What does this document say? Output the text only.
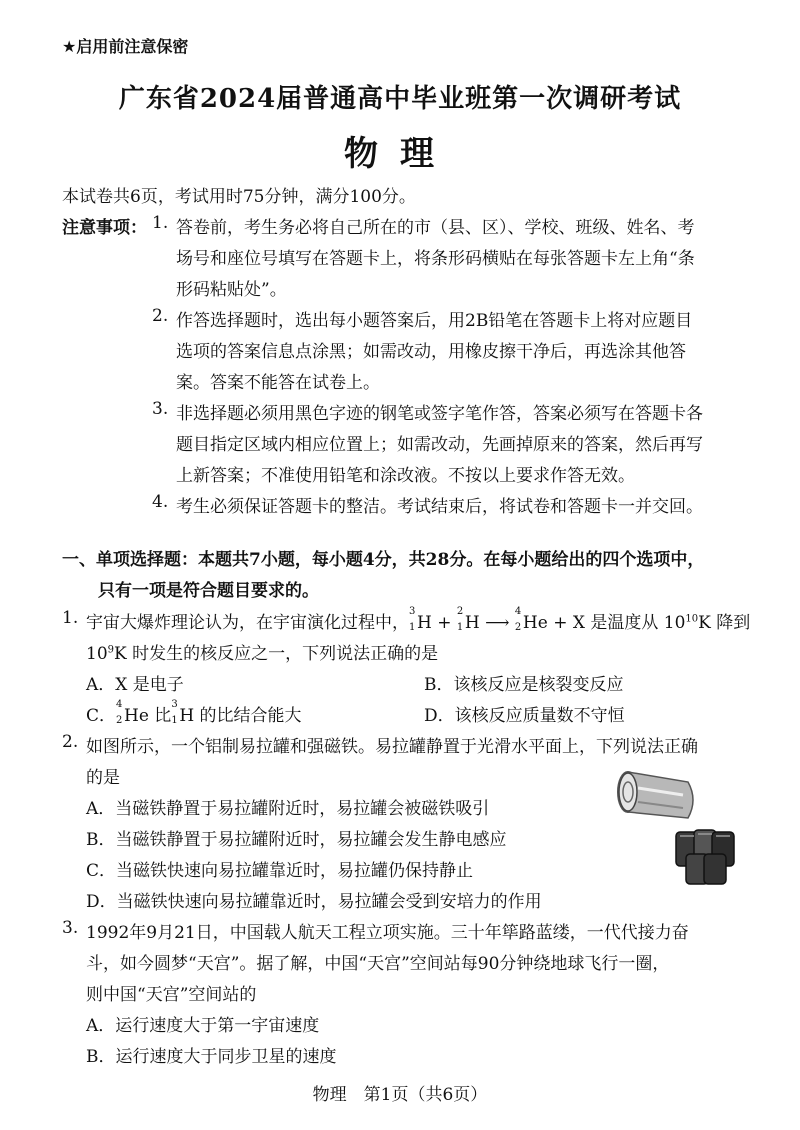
★启用前注意保密
广东省2024届普通高中毕业班第一次调研考试
物理
本试卷共6页，考试用时75分钟，满分100分。
注意事项： 1. 答卷前，考生务必将自己所在的市（县、区）、学校、班级、姓名、考
场号和座位号填写在答题卡上，将条形码横贴在每张答题卡左上角“条
形码粘贴处”。
2. 作答选择题时，选出每小题答案后，用2B铅笔在答题卡上将对应题目
选项的答案信息点涂黑；如需改动，用橡皮擦干净后，再选涂其他答
案。答案不能答在试卷上。
3. 非选择题必须用黑色字迹的钢笔或签字笔作答，答案必须写在答题卡各
题目指定区域内相应位置上；如需改动，先画掉原来的答案，然后再写
上新答案；不准使用铅笔和涂改液。不按以上要求作答无效。
4. 考生必须保证答题卡的整洁。考试结束后，将试卷和答题卡一并交回。
一、单项选择题：本题共7小题，每小题4分，共28分。在每小题给出的四个选项中，
只有一项是符合题目要求的。
1. 宇宙大爆炸理论认为，在宇宙演化过程中，
3
1 H +
2
1 H ⟶
4
2 He + X 是温度从 $10^{10}K$ 降到
$10^9K$ 时发生的核反应之一，下列说法正确的是
A．X 是电子	B．该核反应是核裂变反应
C．
4
2 He 比
3
1 H 的比结合能大	D．该核反应质量数不守恒
2. 如图所示，一个铝制易拉罐和强磁铁。易拉罐静置于光滑水平面上，下列说法正确
的是
A．当磁铁静置于易拉罐附近时，易拉罐会被磁铁吸引
B．当磁铁静置于易拉罐附近时，易拉罐会发生静电感应
C．当磁铁快速向易拉罐靠近时，易拉罐仍保持静止
D．当磁铁快速向易拉罐靠近时，易拉罐会受到安培力的作用
3. 1992年9月21日，中国载人航天工程立项实施。三十年筚路蓝缕，一代代接力奋
斗，如今圆梦“天宫”。据了解，中国“天宫”空间站每90分钟绕地球飞行一圈，
则中国“天宫”空间站的
A．运行速度大于第一宇宙速度
B．运行速度大于同步卫星的速度
物理　第1页（共6页）
